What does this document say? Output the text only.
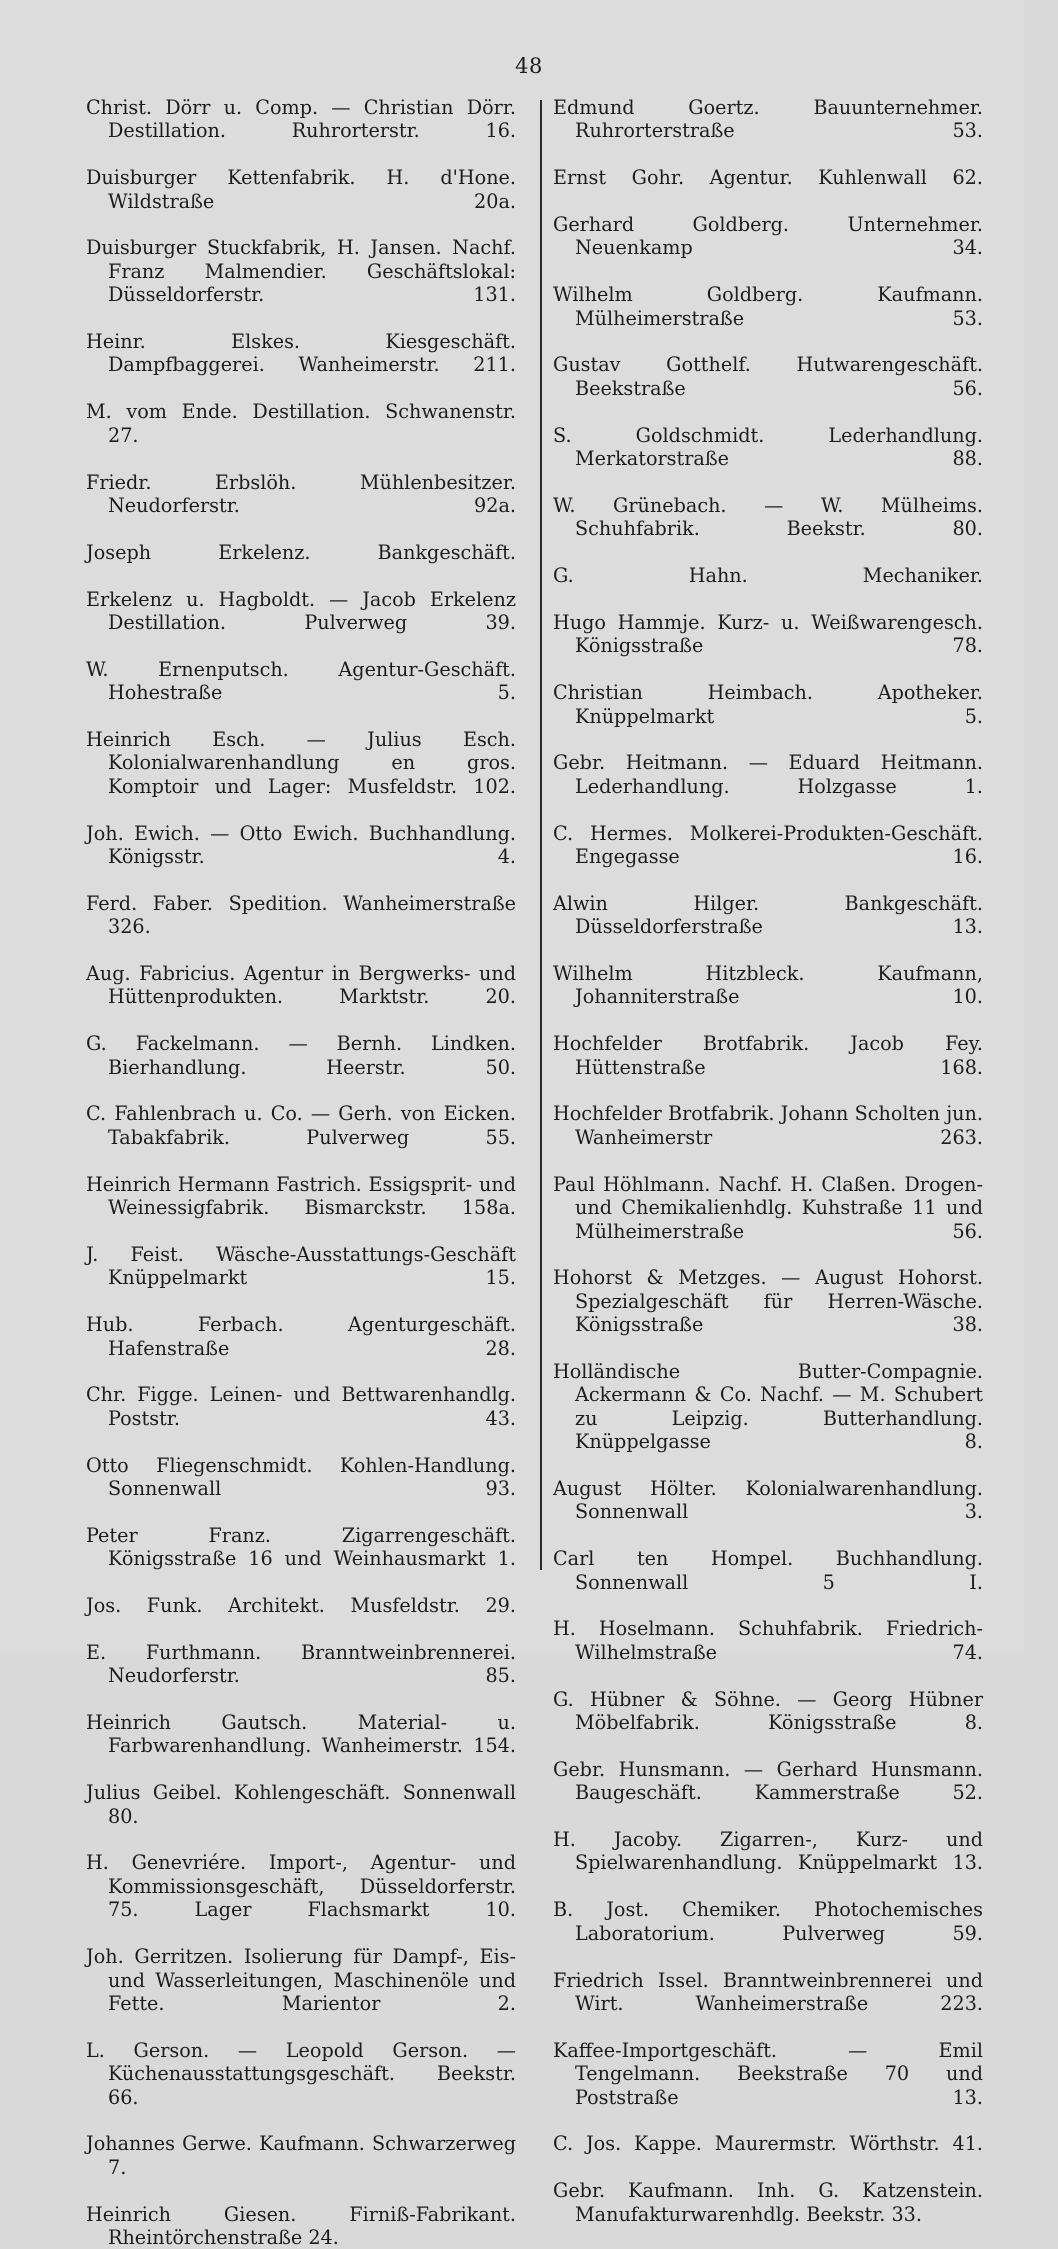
48

Christ. Dörr u. Comp. — Christian Dörr. Destillation. Ruhrorterstr. 16.

Duisburger Kettenfabrik. H. d'Hone. Wildstraße 20a.

Duisburger Stuckfabrik, H. Jansen. Nachf. Franz Malmendier. Geschäftslokal: Düsseldorferstr. 131.

Heinr. Elskes. Kiesgeschäft. Dampfbaggerei. Wanheimerstr. 211.

M. vom Ende. Destillation. Schwanenstr. 27.

Friedr. Erbslöh. Mühlenbesitzer. Neudorferstr. 92a.

Joseph Erkelenz. Bankgeschäft.

Erkelenz u. Hagboldt. — Jacob Erkelenz Destillation. Pulverweg 39.

W. Ernenputsch. Agentur-Geschäft. Hohestraße 5.

Heinrich Esch. — Julius Esch. Kolonialwarenhandlung en gros. Komptoir und Lager: Musfeldstr. 102.

Joh. Ewich. — Otto Ewich. Buchhandlung. Königsstr. 4.

Ferd. Faber. Spedition. Wanheimerstraße 326.

Aug. Fabricius. Agentur in Bergwerks- und Hüttenprodukten. Marktstr. 20.

G. Fackelmann. — Bernh. Lindken. Bierhandlung. Heerstr. 50.

C. Fahlenbrach u. Co. — Gerh. von Eicken. Tabakfabrik. Pulverweg 55.

Heinrich Hermann Fastrich. Essigsprit- und Weinessigfabrik. Bismarckstr. 158a.

J. Feist. Wäsche-Ausstattungs-Geschäft Knüppelmarkt 15.

Hub. Ferbach. Agenturgeschäft. Hafenstraße 28.

Chr. Figge. Leinen- und Bettwarenhandlg. Poststr. 43.

Otto Fliegenschmidt. Kohlen-Handlung. Sonnenwall 93.

Peter Franz. Zigarrengeschäft. Königsstraße 16 und Weinhausmarkt 1.

Jos. Funk. Architekt. Musfeldstr. 29.

E. Furthmann. Branntweinbrennerei. Neudorferstr. 85.

Heinrich Gautsch. Material- u. Farbwarenhandlung. Wanheimerstr. 154.

Julius Geibel. Kohlengeschäft. Sonnenwall 80.

H. Genevriére. Import-, Agentur- und Kommissionsgeschäft, Düsseldorferstr. 75. Lager Flachsmarkt 10.

Joh. Gerritzen. Isolierung für Dampf-, Eis- und Wasserleitungen, Maschinenöle und Fette. Marientor 2.

L. Gerson. — Leopold Gerson. — Küchenausstattungsgeschäft. Beekstr. 66.

Johannes Gerwe. Kaufmann. Schwarzerweg 7.

Heinrich Giesen. Firniß-Fabrikant. Rheintörchenstraße 24.

Edmund Goertz. Bauunternehmer. Ruhrorterstraße 53.

Ernst Gohr. Agentur. Kuhlenwall 62.

Gerhard Goldberg. Unternehmer. Neuenkamp 34.

Wilhelm Goldberg. Kaufmann. Mülheimerstraße 53.

Gustav Gotthelf. Hutwarengeschäft. Beekstraße 56.

S. Goldschmidt. Lederhandlung. Merkatorstraße 88.

W. Grünebach. — W. Mülheims. Schuhfabrik. Beekstr. 80.

G. Hahn. Mechaniker.

Hugo Hammje. Kurz- u. Weißwarengesch. Königsstraße 78.

Christian Heimbach. Apotheker. Knüppelmarkt 5.

Gebr. Heitmann. — Eduard Heitmann. Lederhandlung. Holzgasse 1.

C. Hermes. Molkerei-Produkten-Geschäft. Engegasse 16.

Alwin Hilger. Bankgeschäft. Düsseldorferstraße 13.

Wilhelm Hitzbleck. Kaufmann, Johanniterstraße 10.

Hochfelder Brotfabrik. Jacob Fey. Hüttenstraße 168.

Hochfelder Brotfabrik. Johann Scholten jun. Wanheimerstr 263.

Paul Höhlmann. Nachf. H. Claßen. Drogen- und Chemikalienhdlg. Kuhstraße 11 und Mülheimerstraße 56.

Hohorst & Metzges. — August Hohorst. Spezialgeschäft für Herren-Wäsche. Königsstraße 38.

Holländische Butter-Compagnie. Ackermann & Co. Nachf. — M. Schubert zu Leipzig. Butterhandlung. Knüppelgasse 8.

August Hölter. Kolonialwarenhandlung. Sonnenwall 3.

Carl ten Hompel. Buchhandlung. Sonnenwall 5 I.

H. Hoselmann. Schuhfabrik. Friedrich-Wilhelmstraße 74.

G. Hübner & Söhne. — Georg Hübner Möbelfabrik. Königsstraße 8.

Gebr. Hunsmann. — Gerhard Hunsmann. Baugeschäft. Kammerstraße 52.

H. Jacoby. Zigarren-, Kurz- und Spielwarenhandlung. Knüppelmarkt 13.

B. Jost. Chemiker. Photochemisches Laboratorium. Pulverweg 59.

Friedrich Issel. Branntweinbrennerei und Wirt. Wanheimerstraße 223.

Kaffee-Importgeschäft. — Emil Tengelmann. Beekstraße 70 und Poststraße 13.

C. Jos. Kappe. Maurermstr. Wörthstr. 41.

Gebr. Kaufmann. Inh. G. Katzenstein. Manufakturwarenhdlg. Beekstr. 33.
